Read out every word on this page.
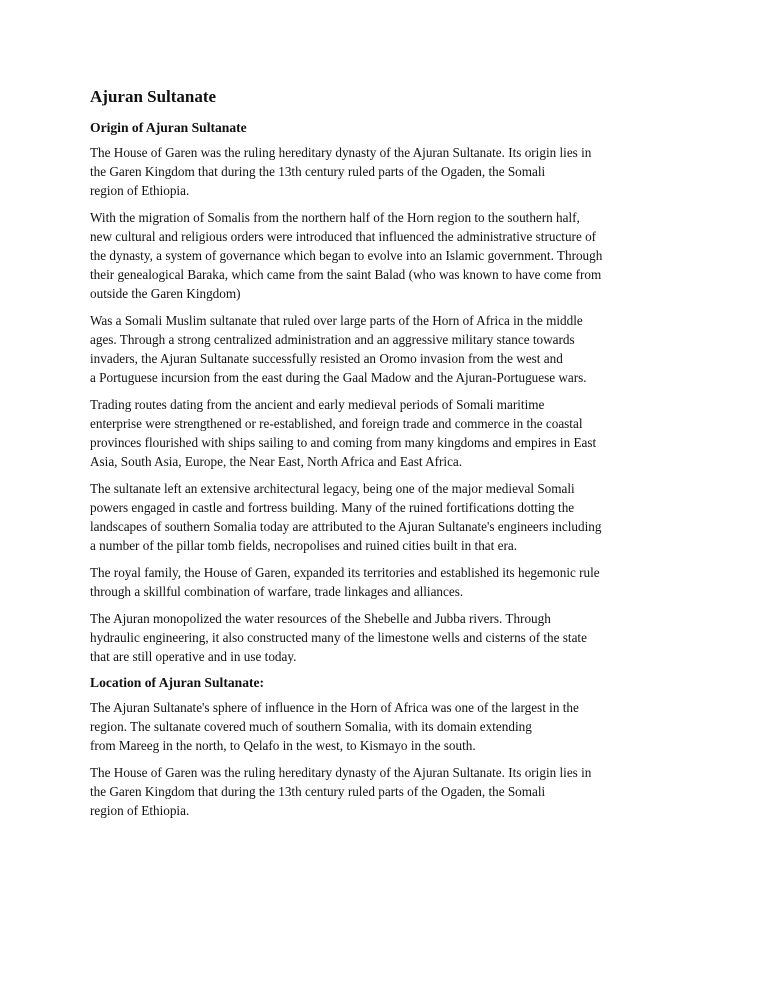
Ajuran Sultanate
Origin of Ajuran Sultanate
The House of Garen was the ruling hereditary dynasty of the Ajuran Sultanate. Its origin lies in
the Garen Kingdom that during the 13th century ruled parts of the Ogaden, the Somali
region of Ethiopia.
With the migration of Somalis from the northern half of the Horn region to the southern half,
new cultural and religious orders were introduced that influenced the administrative structure of
the dynasty, a system of governance which began to evolve into an Islamic government. Through
their genealogical Baraka, which came from the saint Balad (who was known to have come from
outside the Garen Kingdom)
Was a Somali Muslim sultanate that ruled over large parts of the Horn of Africa in the middle
ages. Through a strong centralized administration and an aggressive military stance towards
invaders, the Ajuran Sultanate successfully resisted an Oromo invasion from the west and
a Portuguese incursion from the east during the Gaal Madow and the Ajuran-Portuguese wars.
Trading routes dating from the ancient and early medieval periods of Somali maritime
enterprise were strengthened or re-established, and foreign trade and commerce in the coastal
provinces flourished with ships sailing to and coming from many kingdoms and empires in East
Asia, South Asia, Europe, the Near East, North Africa and East Africa.
The sultanate left an extensive architectural legacy, being one of the major medieval Somali
powers engaged in castle and fortress building. Many of the ruined fortifications dotting the
landscapes of southern Somalia today are attributed to the Ajuran Sultanate's engineers including
a number of the pillar tomb fields, necropolises and ruined cities built in that era.
The royal family, the House of Garen, expanded its territories and established its hegemonic rule
through a skillful combination of warfare, trade linkages and alliances.
The Ajuran monopolized the water resources of the Shebelle and Jubba rivers. Through
hydraulic engineering, it also constructed many of the limestone wells and cisterns of the state
that are still operative and in use today.
Location of Ajuran Sultanate:
The Ajuran Sultanate's sphere of influence in the Horn of Africa was one of the largest in the
region. The sultanate covered much of southern Somalia, with its domain extending
from Mareeg in the north, to Qelafo in the west, to Kismayo in the south.
The House of Garen was the ruling hereditary dynasty of the Ajuran Sultanate. Its origin lies in
the Garen Kingdom that during the 13th century ruled parts of the Ogaden, the Somali
region of Ethiopia.
